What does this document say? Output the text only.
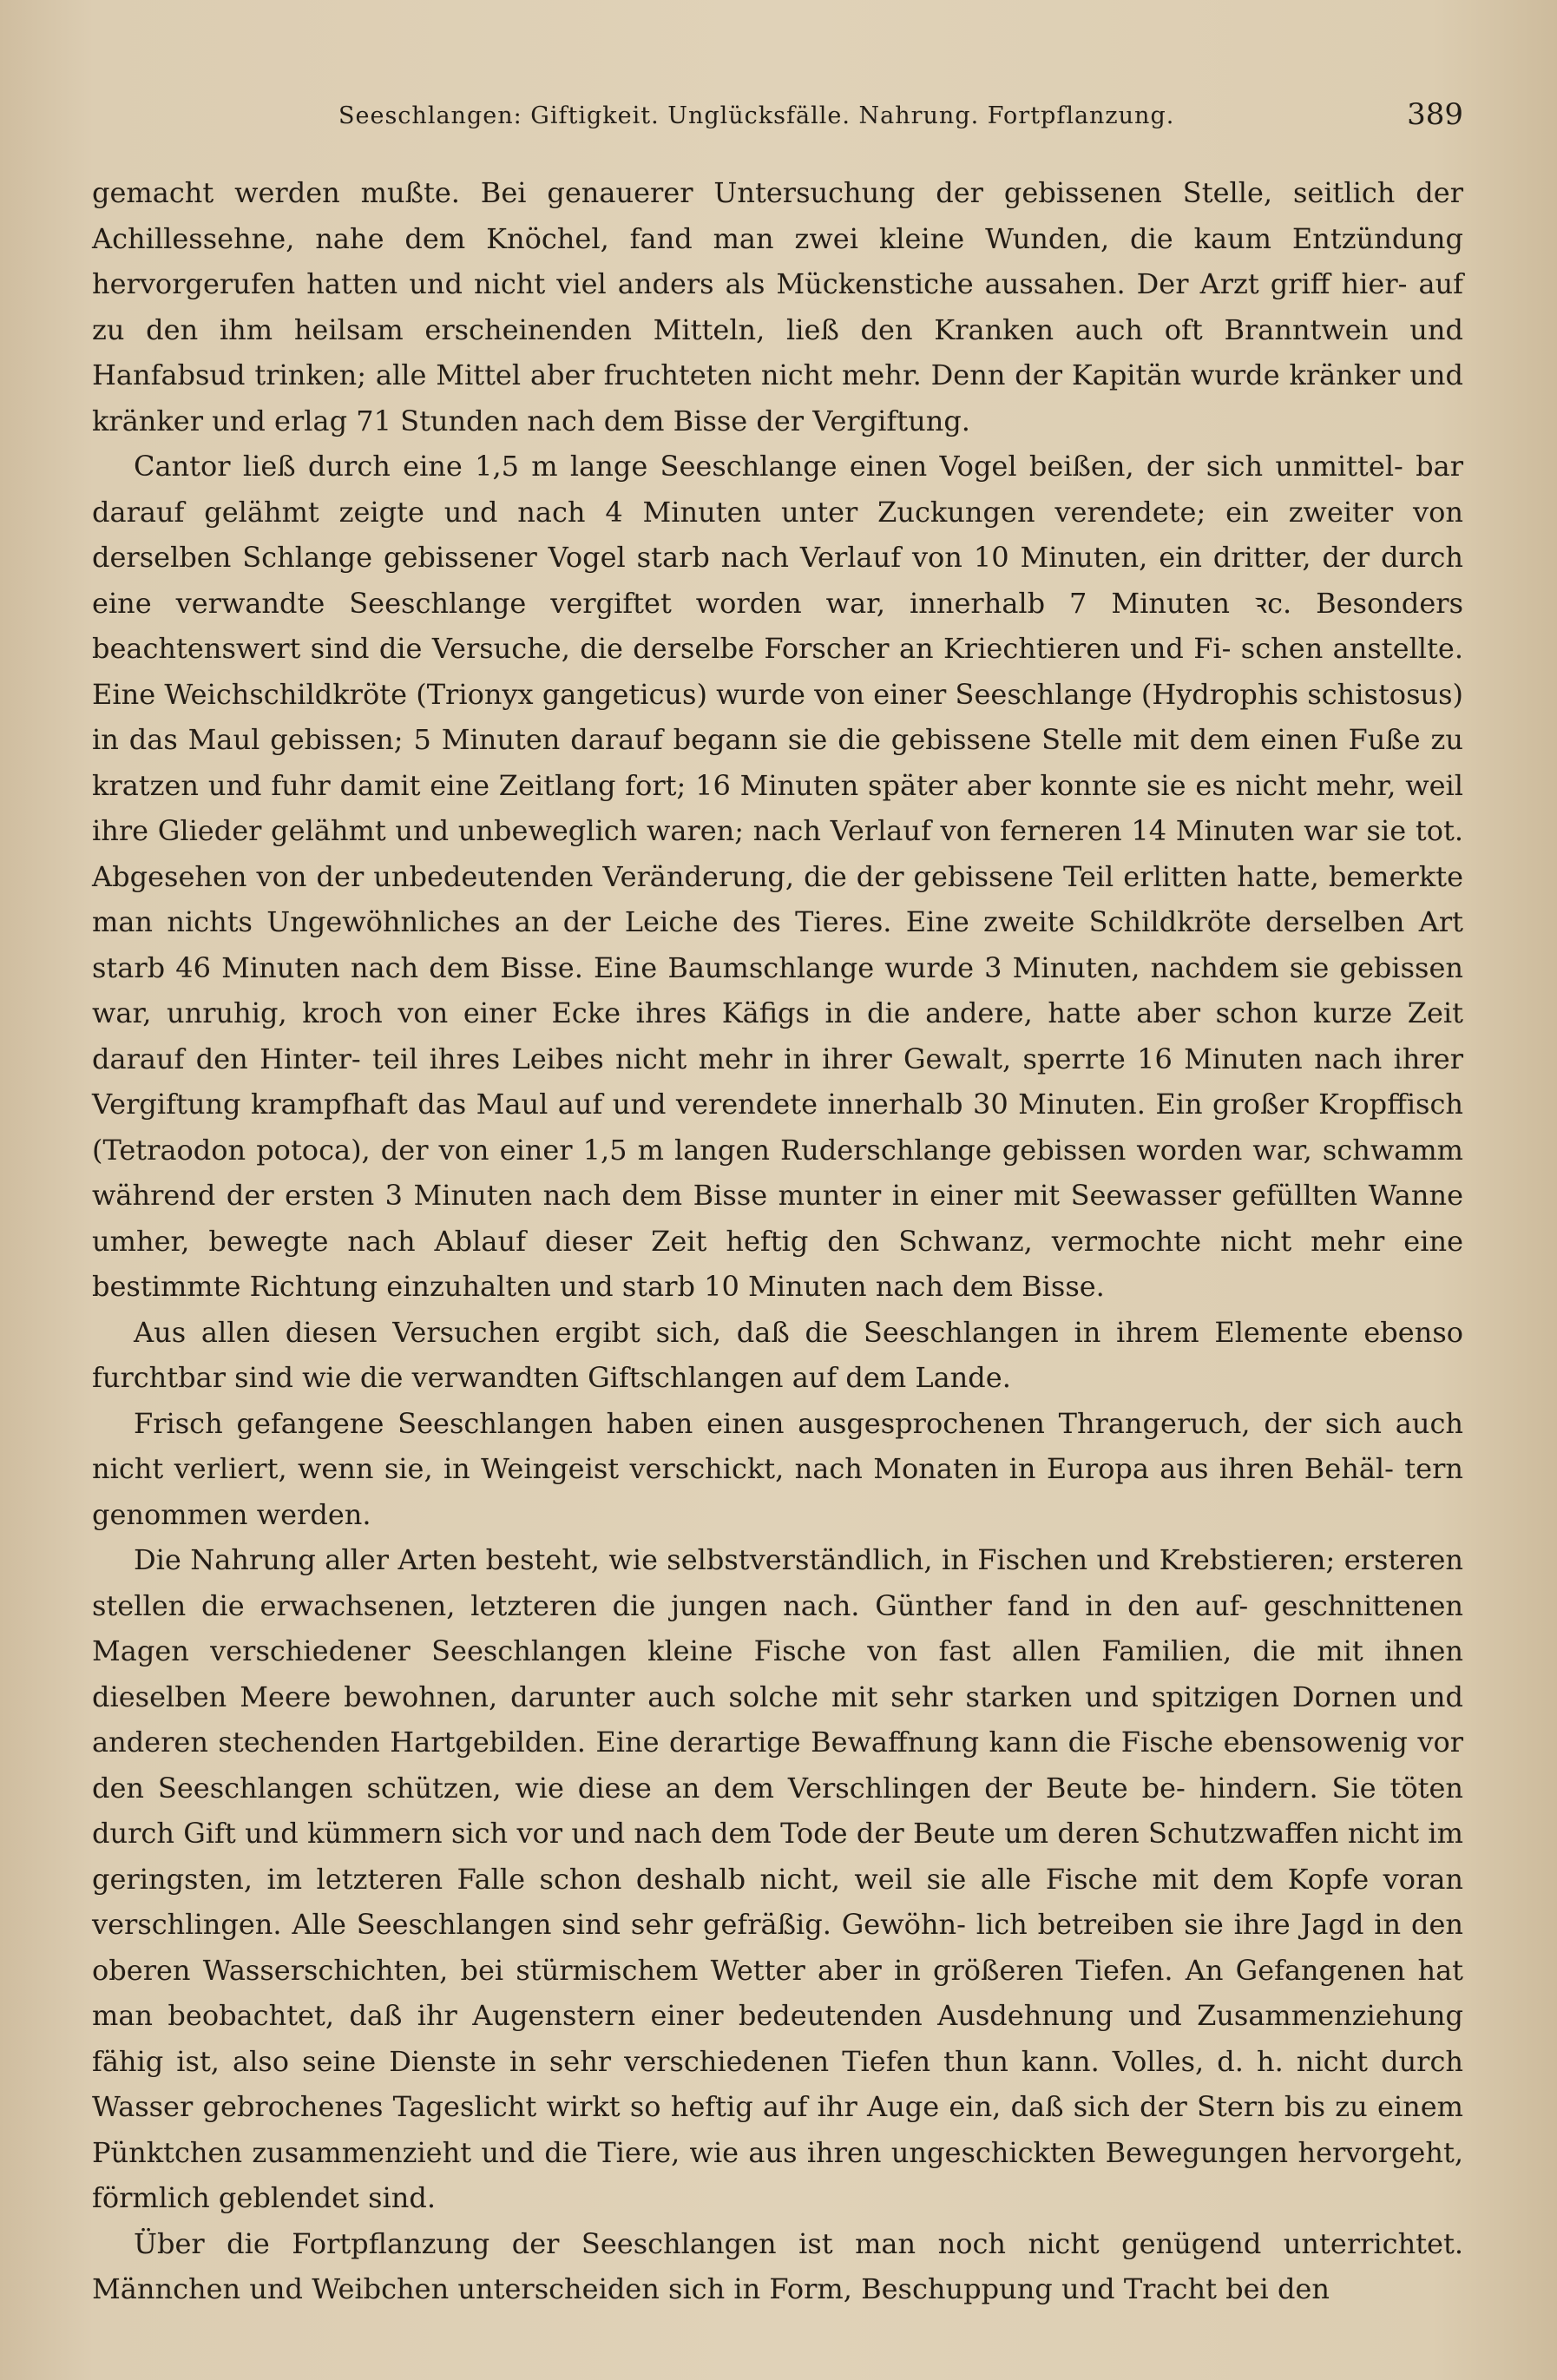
Seeschlangen: Giftigkeit. Unglücksfälle. Nahrung. Fortpflanzung.	389

gemacht werden mußte. Bei genauerer Untersuchung der gebissenen Stelle, seitlich der Achillessehne, nahe dem Knöchel, fand man zwei kleine Wunden, die kaum Entzündung hervorgerufen hatten und nicht viel anders als Mückenstiche aussahen. Der Arzt griff hier- auf zu den ihm heilsam erscheinenden Mitteln, ließ den Kranken auch oft Branntwein und Hanfabsud trinken; alle Mittel aber fruchteten nicht mehr. Denn der Kapitän wurde kränker und kränker und erlag 71 Stunden nach dem Bisse der Vergiftung.

Cantor ließ durch eine 1,5 m lange Seeschlange einen Vogel beißen, der sich unmittel- bar darauf gelähmt zeigte und nach 4 Minuten unter Zuckungen verendete; ein zweiter von derselben Schlange gebissener Vogel starb nach Verlauf von 10 Minuten, ein dritter, der durch eine verwandte Seeschlange vergiftet worden war, innerhalb 7 Minuten ꝛc. Besonders beachtenswert sind die Versuche, die derselbe Forscher an Kriechtieren und Fi- schen anstellte. Eine Weichschildkröte (Trionyx gangeticus) wurde von einer Seeschlange (Hydrophis schistosus) in das Maul gebissen; 5 Minuten darauf begann sie die gebissene Stelle mit dem einen Fuße zu kratzen und fuhr damit eine Zeitlang fort; 16 Minuten später aber konnte sie es nicht mehr, weil ihre Glieder gelähmt und unbeweglich waren; nach Verlauf von ferneren 14 Minuten war sie tot. Abgesehen von der unbedeutenden Veränderung, die der gebissene Teil erlitten hatte, bemerkte man nichts Ungewöhnliches an der Leiche des Tieres. Eine zweite Schildkröte derselben Art starb 46 Minuten nach dem Bisse. Eine Baumschlange wurde 3 Minuten, nachdem sie gebissen war, unruhig, kroch von einer Ecke ihres Käfigs in die andere, hatte aber schon kurze Zeit darauf den Hinter- teil ihres Leibes nicht mehr in ihrer Gewalt, sperrte 16 Minuten nach ihrer Vergiftung krampfhaft das Maul auf und verendete innerhalb 30 Minuten. Ein großer Kropffisch (Tetraodon potoca), der von einer 1,5 m langen Ruderschlange gebissen worden war, schwamm während der ersten 3 Minuten nach dem Bisse munter in einer mit Seewasser gefüllten Wanne umher, bewegte nach Ablauf dieser Zeit heftig den Schwanz, vermochte nicht mehr eine bestimmte Richtung einzuhalten und starb 10 Minuten nach dem Bisse.

Aus allen diesen Versuchen ergibt sich, daß die Seeschlangen in ihrem Elemente ebenso furchtbar sind wie die verwandten Giftschlangen auf dem Lande.

Frisch gefangene Seeschlangen haben einen ausgesprochenen Thrangeruch, der sich auch nicht verliert, wenn sie, in Weingeist verschickt, nach Monaten in Europa aus ihren Behäl- tern genommen werden.

Die Nahrung aller Arten besteht, wie selbstverständlich, in Fischen und Krebstieren; ersteren stellen die erwachsenen, letzteren die jungen nach. Günther fand in den auf- geschnittenen Magen verschiedener Seeschlangen kleine Fische von fast allen Familien, die mit ihnen dieselben Meere bewohnen, darunter auch solche mit sehr starken und spitzigen Dornen und anderen stechenden Hartgebilden. Eine derartige Bewaffnung kann die Fische ebensowenig vor den Seeschlangen schützen, wie diese an dem Verschlingen der Beute be- hindern. Sie töten durch Gift und kümmern sich vor und nach dem Tode der Beute um deren Schutzwaffen nicht im geringsten, im letzteren Falle schon deshalb nicht, weil sie alle Fische mit dem Kopfe voran verschlingen. Alle Seeschlangen sind sehr gefräßig. Gewöhn- lich betreiben sie ihre Jagd in den oberen Wasserschichten, bei stürmischem Wetter aber in größeren Tiefen. An Gefangenen hat man beobachtet, daß ihr Augenstern einer bedeutenden Ausdehnung und Zusammenziehung fähig ist, also seine Dienste in sehr verschiedenen Tiefen thun kann. Volles, d. h. nicht durch Wasser gebrochenes Tageslicht wirkt so heftig auf ihr Auge ein, daß sich der Stern bis zu einem Pünktchen zusammenzieht und die Tiere, wie aus ihren ungeschickten Bewegungen hervorgeht, förmlich geblendet sind.

Über die Fortpflanzung der Seeschlangen ist man noch nicht genügend unterrichtet. Männchen und Weibchen unterscheiden sich in Form, Beschuppung und Tracht bei den
